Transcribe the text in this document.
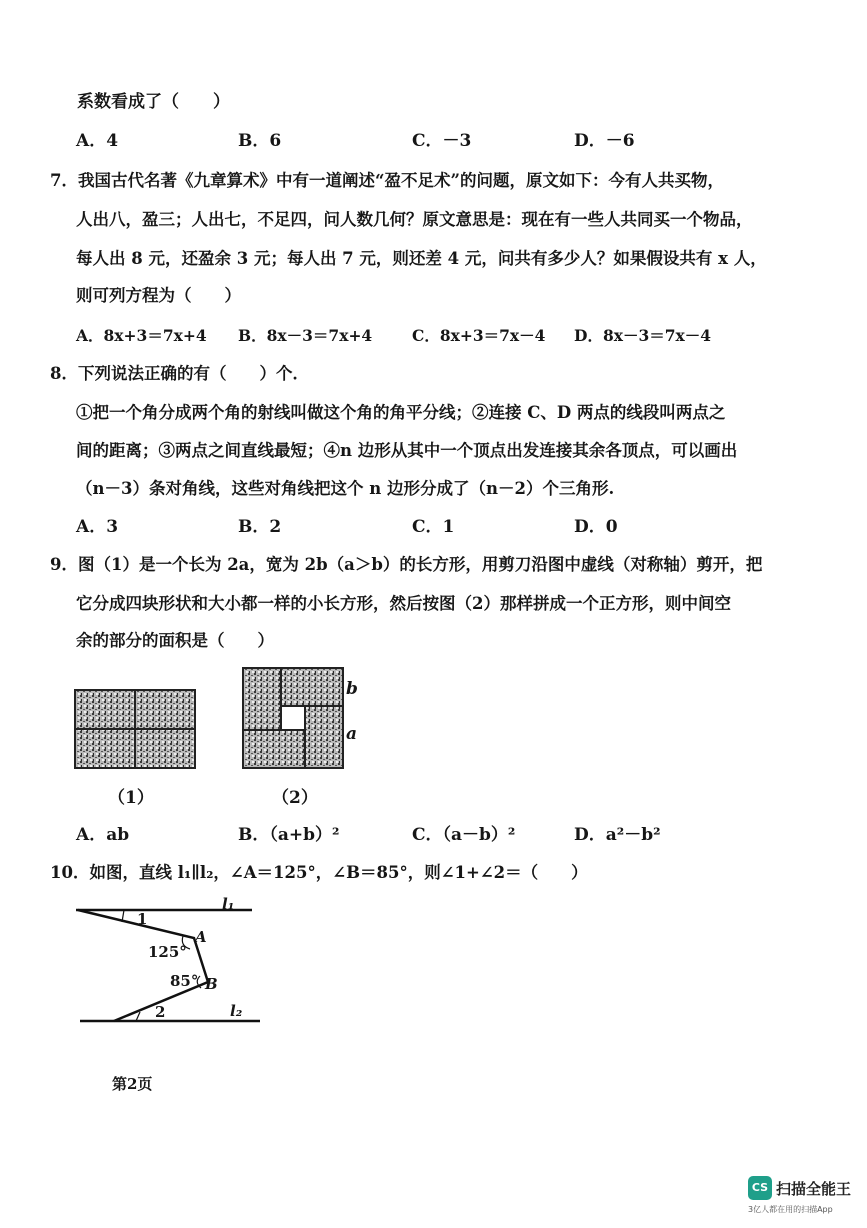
系数看成了（　　）
A．4	B．6	C．－3	D．－6
7．我国古代名著《九章算术》中有一道阐述“盈不足术”的问题，原文如下：今有人共买物，
人出八，盈三；人出七，不足四，问人数几何？原文意思是：现在有一些人共同买一个物品，
每人出 8 元，还盈余 3 元；每人出 7 元，则还差 4 元，问共有多少人？如果假设共有 x 人，
则可列方程为（　　）
A．8x+3＝7x+4 B．8x－3＝7x+4	C．8x+3＝7x－4 D．8x－3＝7x－4
8．下列说法正确的有（　　）个．
①把一个角分成两个角的射线叫做这个角的角平分线；②连接 C、D 两点的线段叫两点之
间的距离；③两点之间直线最短；④n 边形从其中一个顶点出发连接其余各顶点，可以画出
（n－3）条对角线，这些对角线把这个 n 边形分成了（n－2）个三角形.
A．3	B．2	C．1	D．0
9．图（1）是一个长为 2a，宽为 2b（a＞b）的长方形，用剪刀沿图中虚线（对称轴）剪开，把
它分成四块形状和大小都一样的小长方形，然后按图（2）那样拼成一个正方形，则中间空
余的部分的面积是（　　）
（1）
b
a
（2）
A．ab	B．（a+b）²	C．（a－b）²	D．a²－b²
10．如图，直线 l₁∥l₂，∠A＝125°，∠B＝85°，则∠1+∠2＝（　　）
l₁
1
A
125°
85° B
2	l₂
第2页
CS 扫描全能王
3亿人都在用的扫描App
